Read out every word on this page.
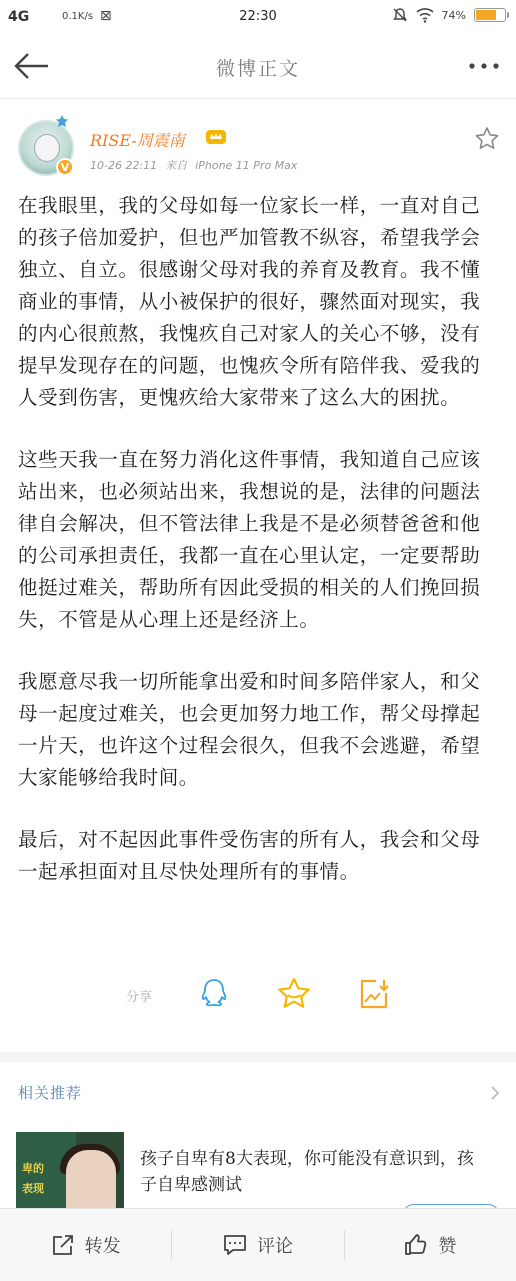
4G	0.1K/s ⊠	22:30	74%
微博正文
V
RISE-周震南
10-26 22:11 来自 iPhone 11 Pro Max

在我眼里，我的父母如每一位家长一样，一直对自己的孩子倍加爱护，但也严加管教不纵容，希望我学会独立、自立。很感谢父母对我的养育及教育。我不懂商业的事情，从小被保护的很好，骤然面对现实，我的内心很煎熬，我愧疚自己对家人的关心不够，没有提早发现存在的问题，也愧疚令所有陪伴我、爱我的人受到伤害，更愧疚给大家带来了这么大的困扰。

这些天我一直在努力消化这件事情，我知道自己应该站出来，也必须站出来，我想说的是，法律的问题法律自会解决，但不管法律上我是不是必须替爸爸和他的公司承担责任，我都一直在心里认定，一定要帮助他挺过难关，帮助所有因此受损的相关的人们挽回损失，不管是从心理上还是经济上。

我愿意尽我一切所能拿出爱和时间多陪伴家人，和父母一起度过难关，也会更加努力地工作，帮父母撑起一片天，也许这个过程会很久，但我不会逃避，希望大家能够给我时间。

最后，对不起因此事件受伤害的所有人，我会和父母一起承担面对且尽快处理所有的事情。

分享
相关推荐
卑的
表现
孩子自卑有8大表现，你可能没有意识到，孩子自卑感测试
转发	评论	赞
